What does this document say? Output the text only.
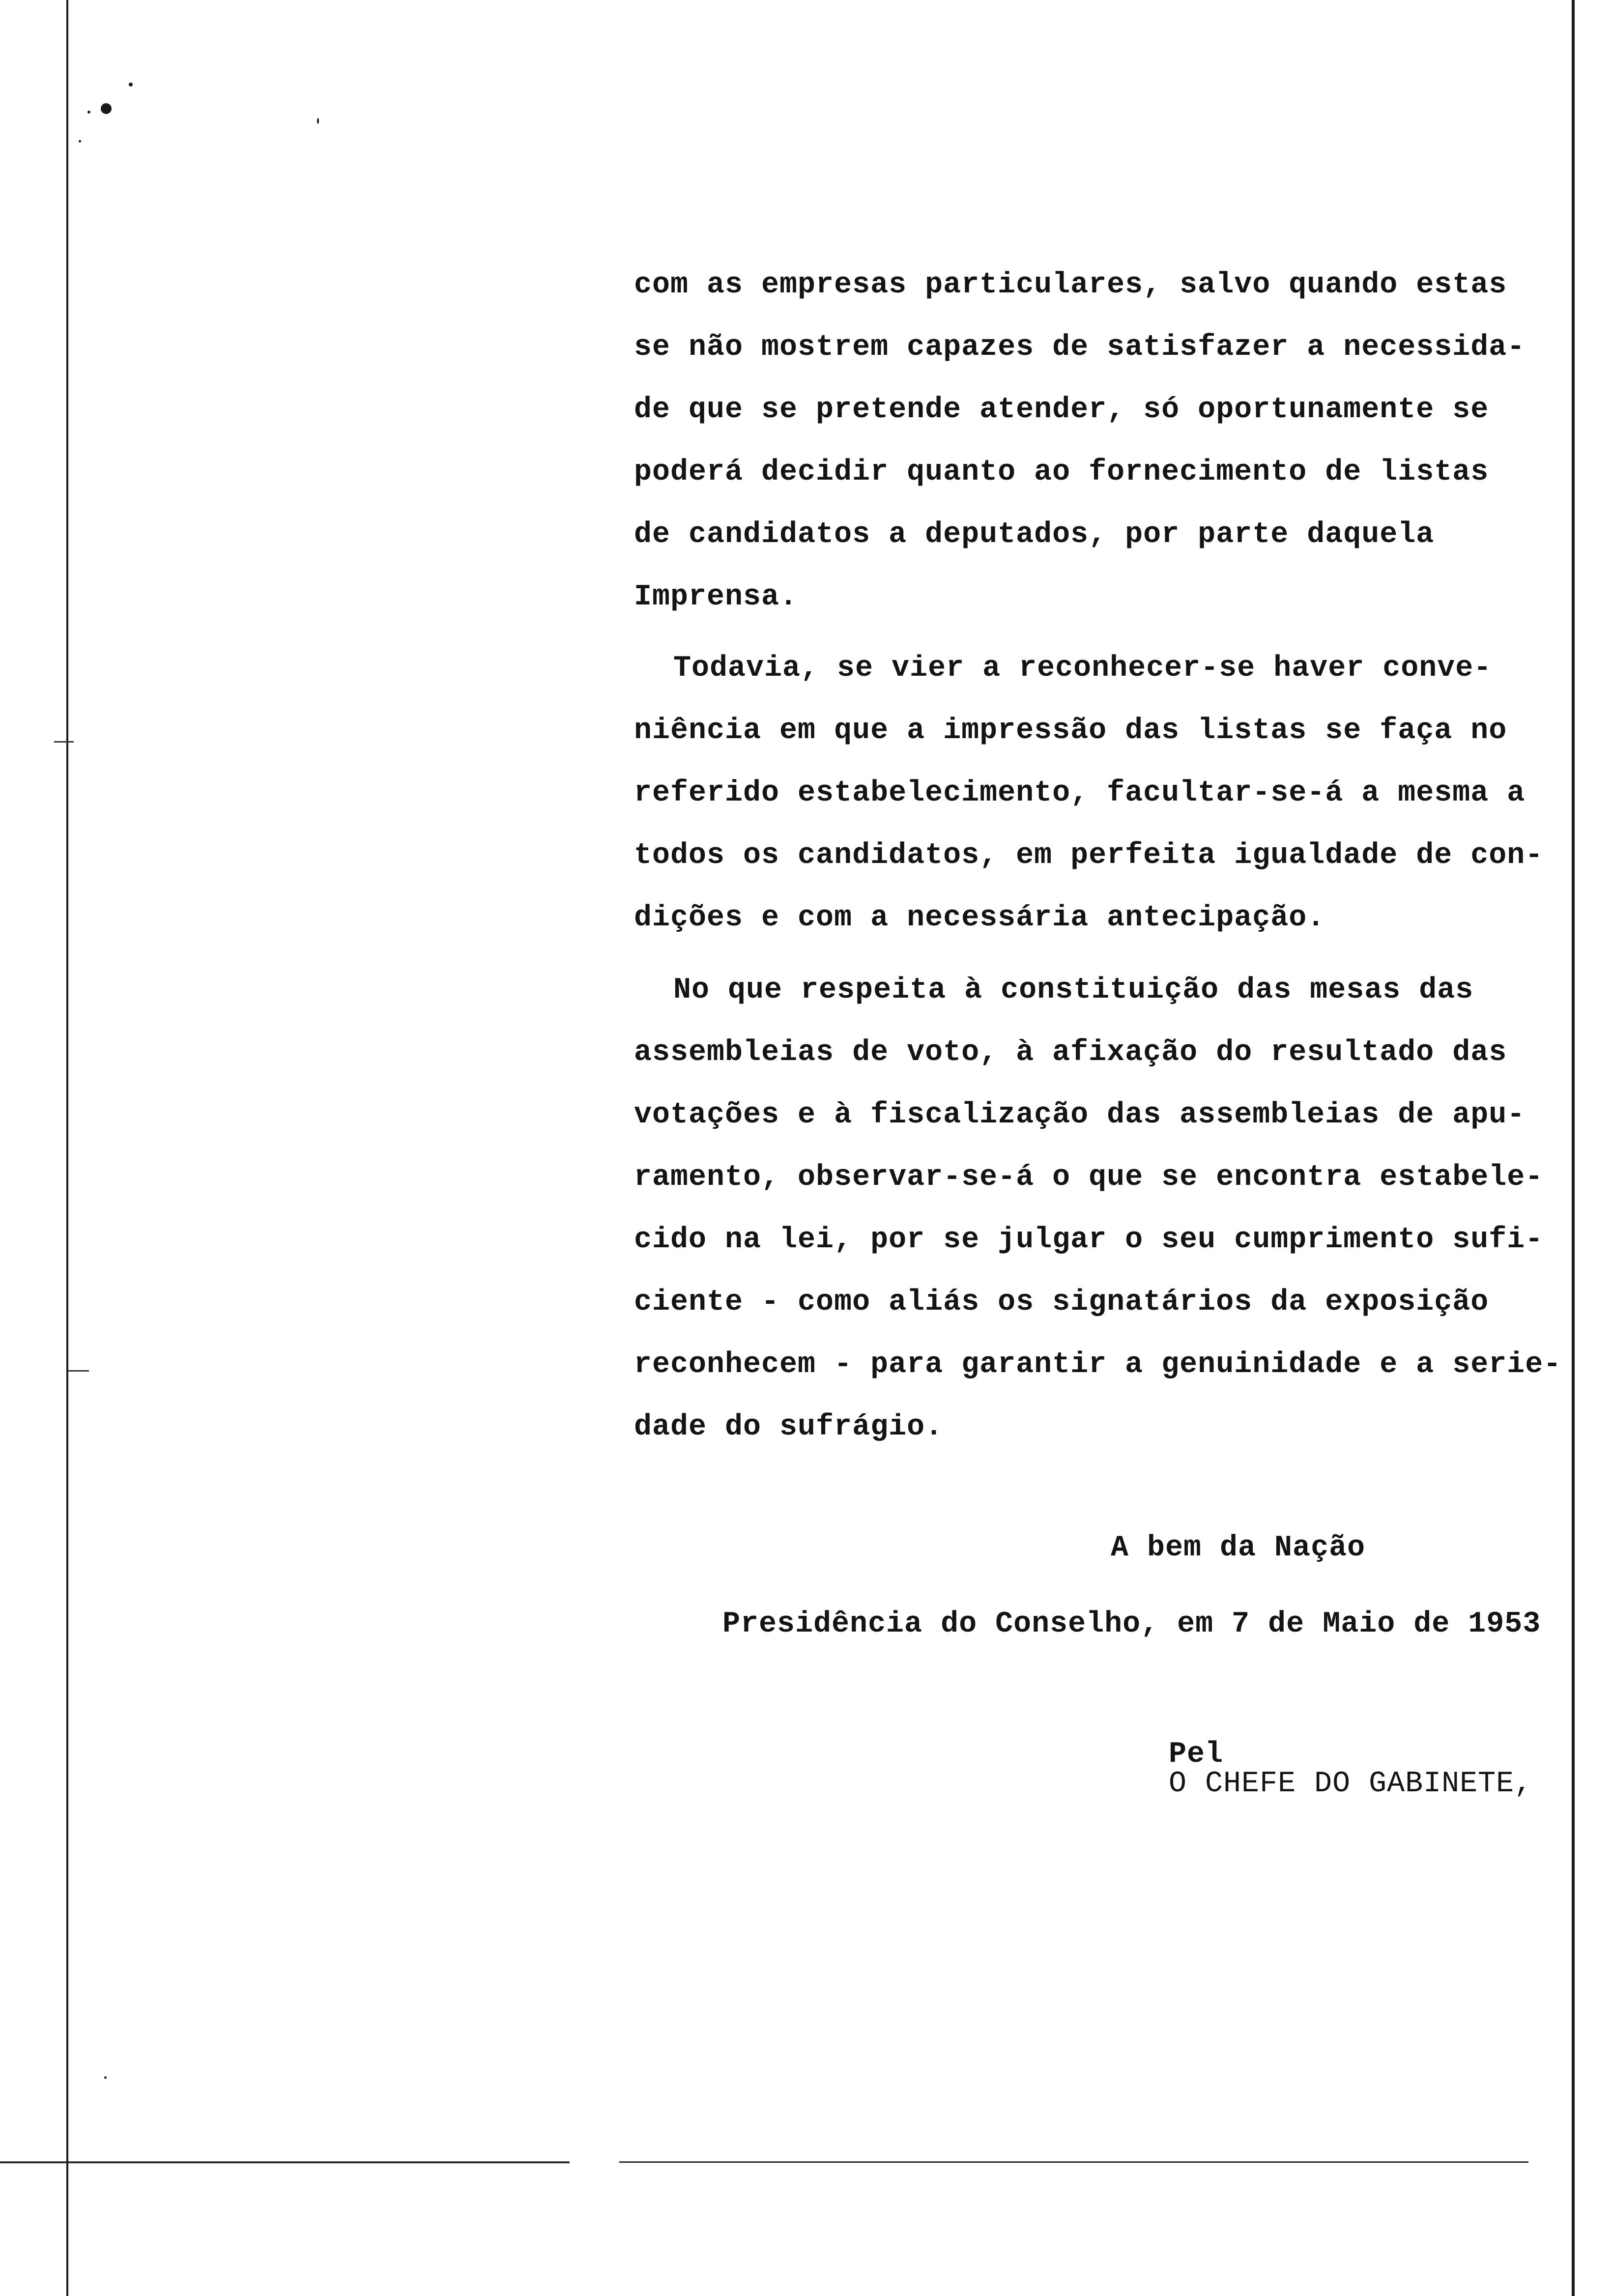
com as empresas particulares, salvo quando estas
se não mostrem capazes de satisfazer a necessida-
de que se pretende atender, só oportunamente se
poderá decidir quanto ao fornecimento de listas
de candidatos a deputados, por parte daquela
Imprensa.
Todavia, se vier a reconhecer-se haver conve-
niência em que a impressão das listas se faça no
referido estabelecimento, facultar-se-á a mesma a
todos os candidatos, em perfeita igualdade de con-
dições e com a necessária antecipação.
No que respeita à constituição das mesas das
assembleias de voto, à afixação do resultado das
votações e à fiscalização das assembleias de apu-
ramento, observar-se-á o que se encontra estabele-
cido na lei, por se julgar o seu cumprimento sufi-
ciente - como aliás os signatários da exposição
reconhecem - para garantir a genuinidade e a serie-
dade do sufrágio.
A bem da Nação
Presidência do Conselho, em 7 de Maio de 1953

Pel
O CHEFE DO GABINETE,
